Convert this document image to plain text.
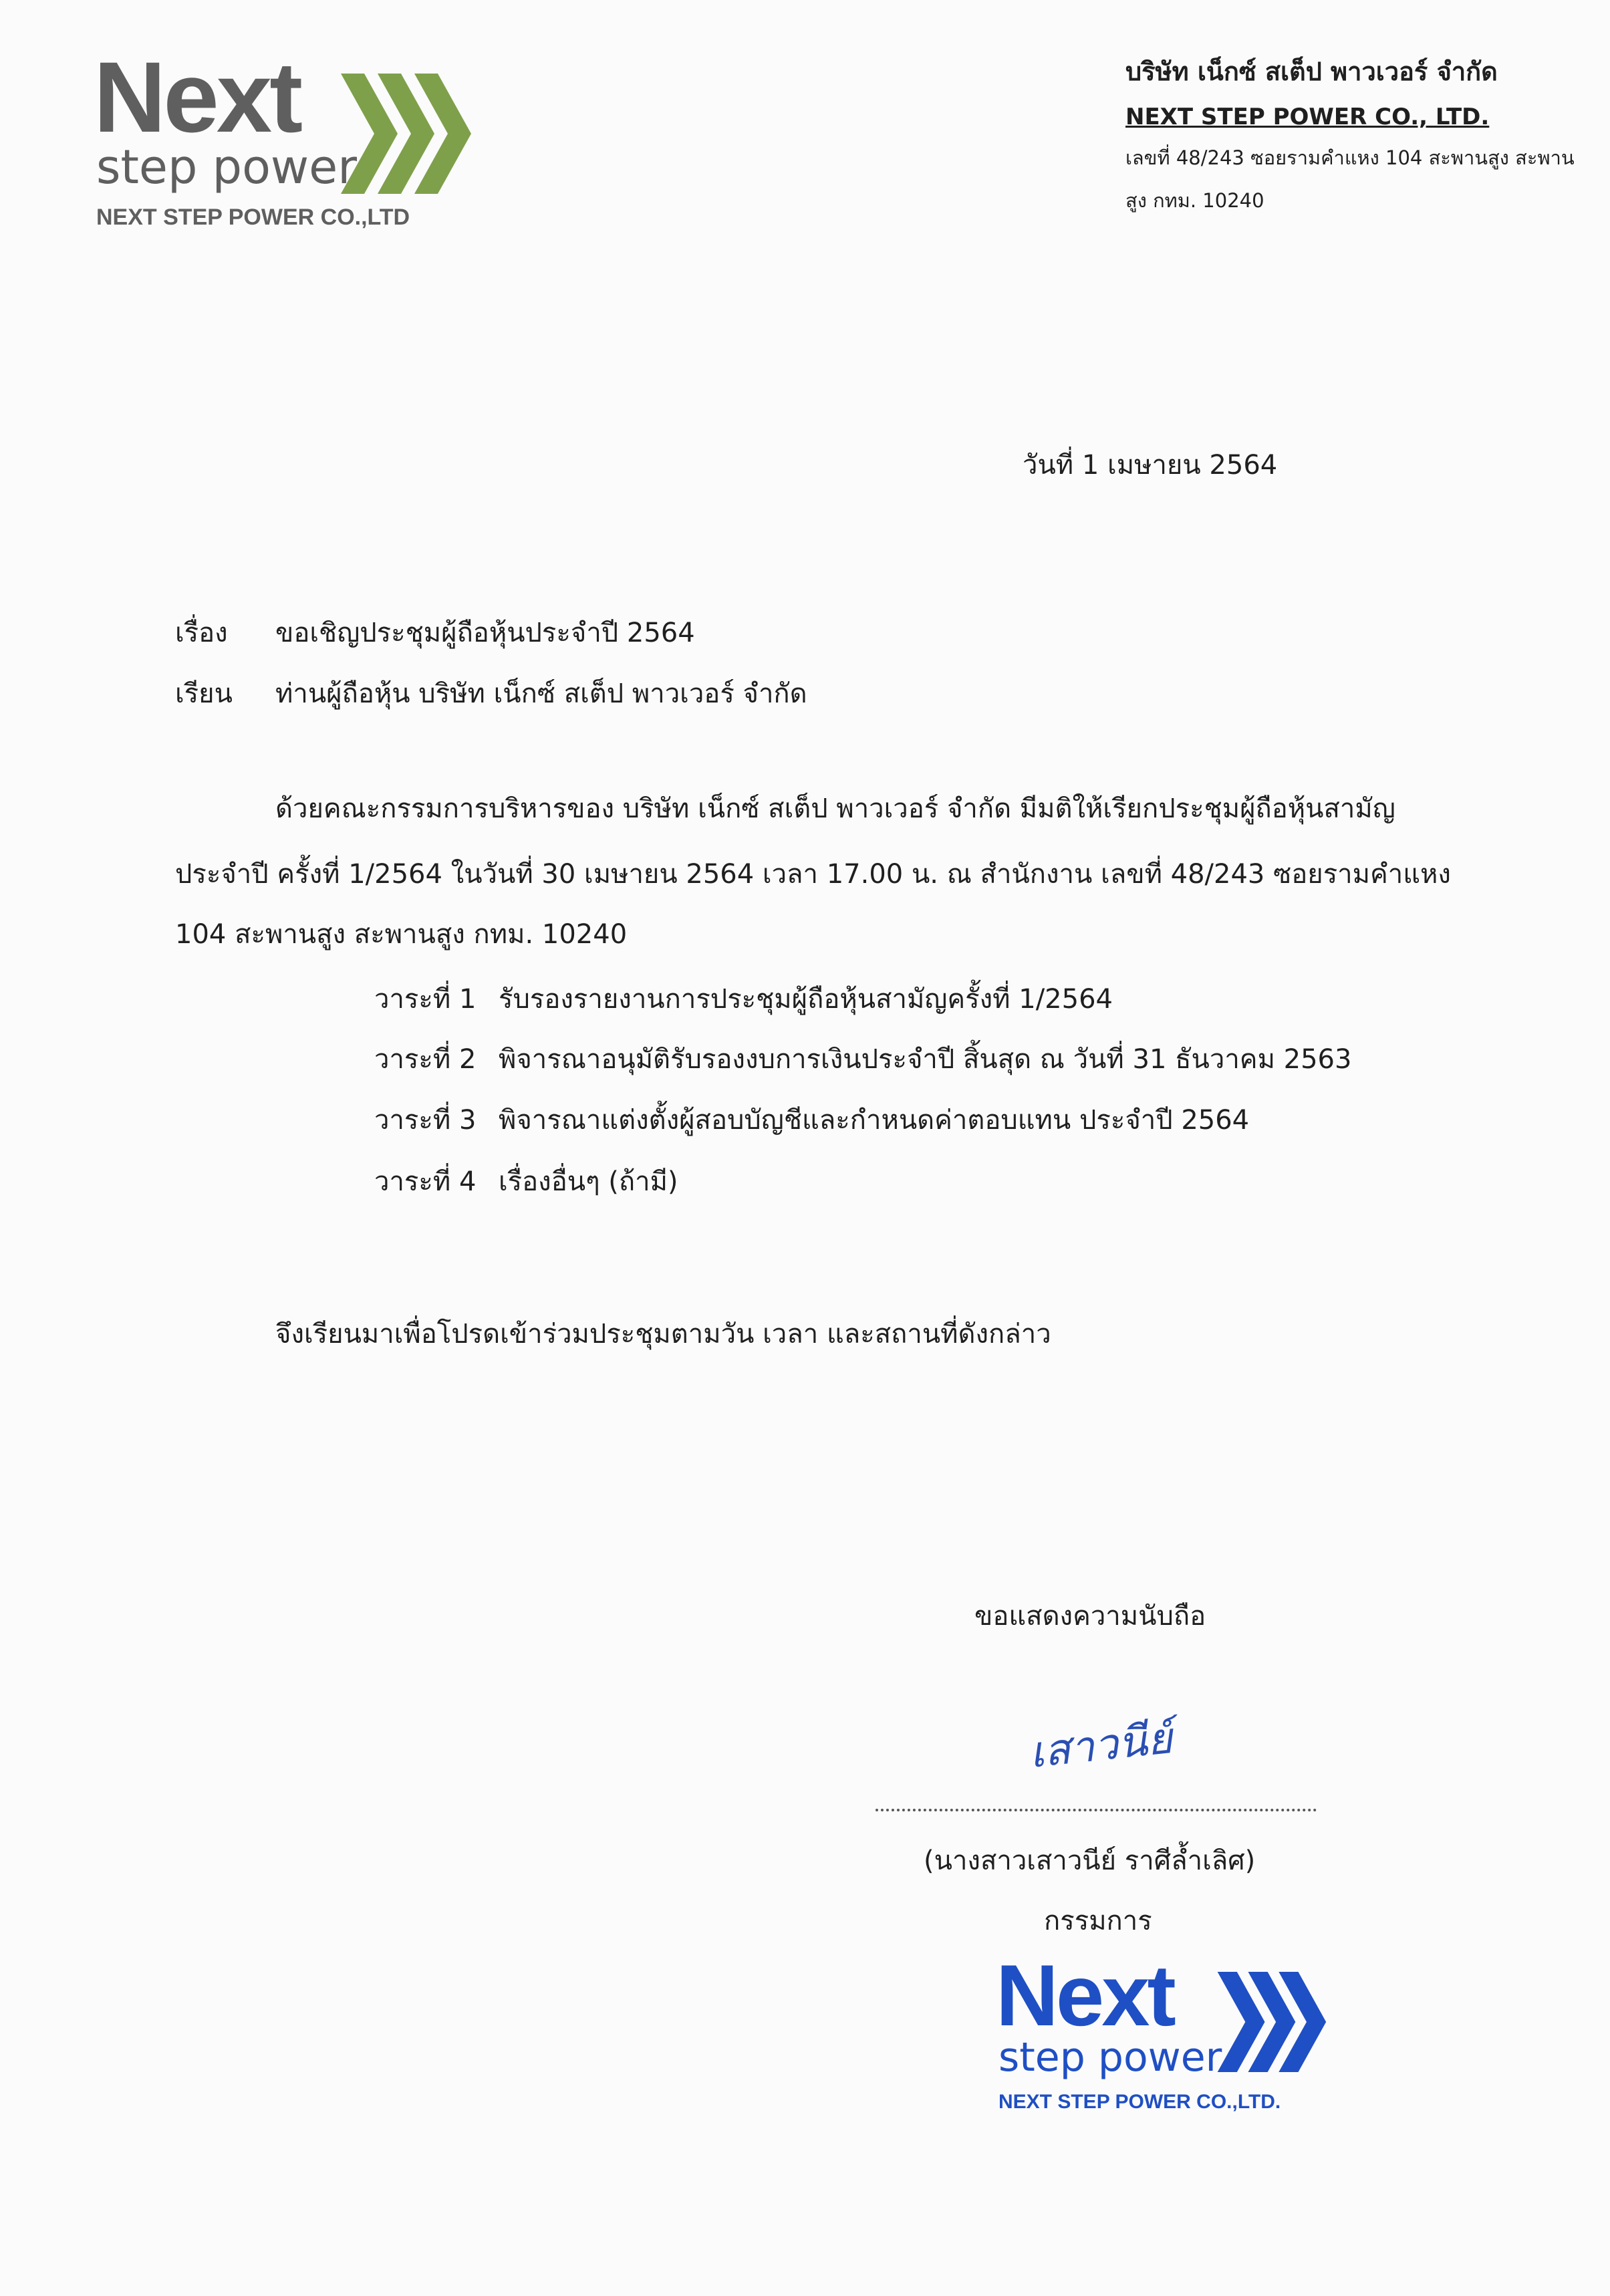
Next
step power
NEXT STEP POWER CO.,LTD
บริษัท เน็กซ์ สเต็ป พาวเวอร์ จำกัด
NEXT STEP POWER CO., LTD.
เลขที่ 48/243 ซอยรามคำแหง 104 สะพานสูง สะพาน
สูง กทม. 10240
วันที่ 1 เมษายน 2564
เรื่อง ขอเชิญประชุมผู้ถือหุ้นประจำปี 2564
เรียน ท่านผู้ถือหุ้น บริษัท เน็กซ์ สเต็ป พาวเวอร์ จำกัด
ด้วยคณะกรรมการบริหารของ บริษัท เน็กซ์ สเต็ป พาวเวอร์ จำกัด มีมติให้เรียกประชุมผู้ถือหุ้นสามัญ
ประจำปี ครั้งที่ 1/2564 ในวันที่ 30 เมษายน 2564 เวลา 17.00 น. ณ สำนักงาน เลขที่ 48/243 ซอยรามคำแหง
104 สะพานสูง สะพานสูง กทม. 10240
วาระที่ 1 รับรองรายงานการประชุมผู้ถือหุ้นสามัญครั้งที่ 1/2564
วาระที่ 2 พิจารณาอนุมัติรับรองงบการเงินประจำปี สิ้นสุด ณ วันที่ 31 ธันวาคม 2563
วาระที่ 3 พิจารณาแต่งตั้งผู้สอบบัญชีและกำหนดค่าตอบแทน ประจำปี 2564
วาระที่ 4 เรื่องอื่นๆ (ถ้ามี)
จึงเรียนมาเพื่อโปรดเข้าร่วมประชุมตามวัน เวลา และสถานที่ดังกล่าว
ขอแสดงความนับถือ
เสาวนีย์
(นางสาวเสาวนีย์ ราศีล้ำเลิศ)
กรรมการ
Next
step power
NEXT STEP POWER CO.,LTD.
